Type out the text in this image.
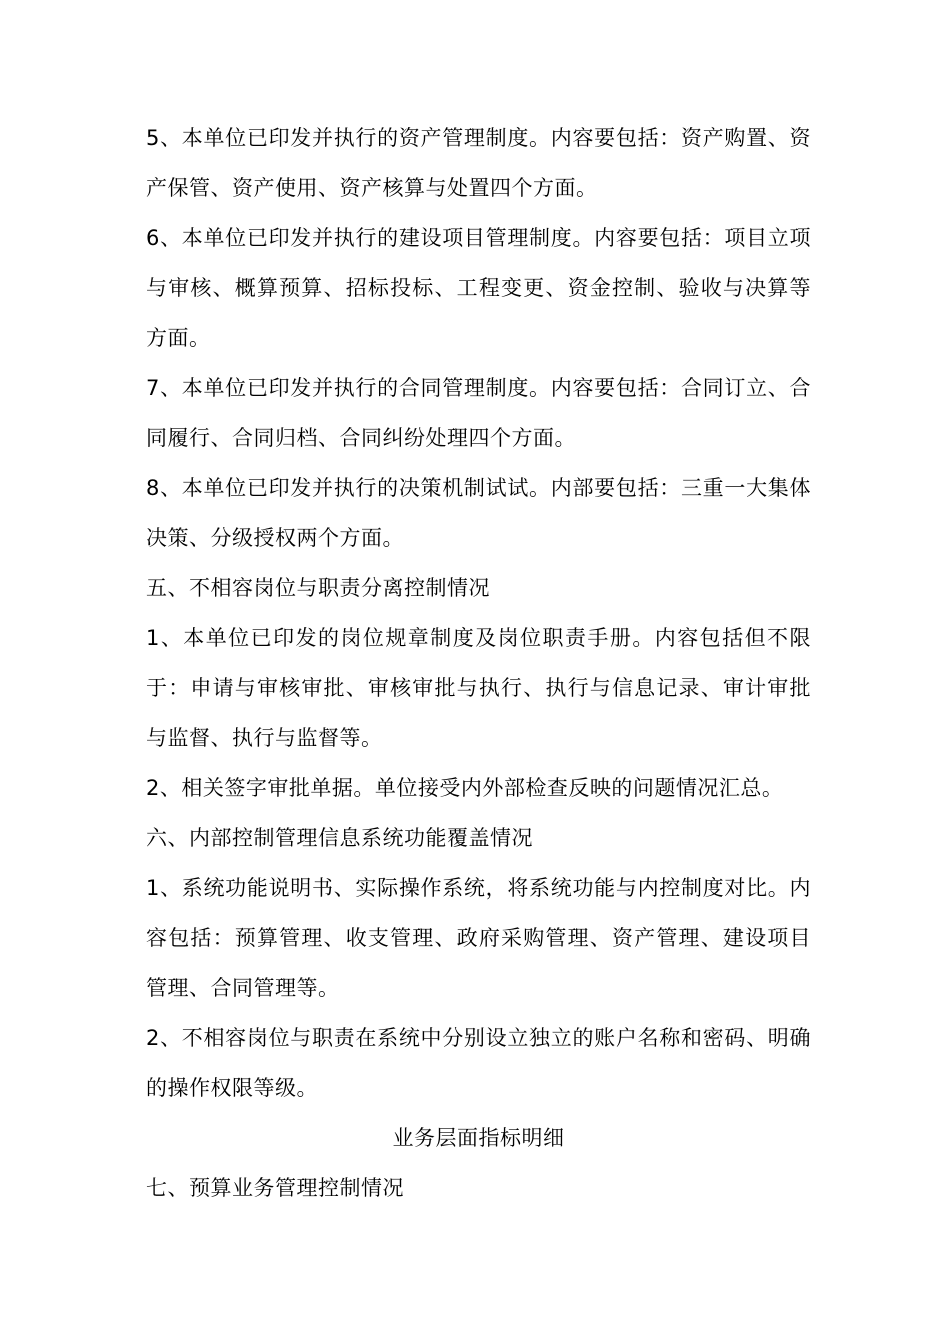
5、本单位已印发并执行的资产管理制度。内容要包括：资产购置、资产保管、资产使用、资产核算与处置四个方面。

6、本单位已印发并执行的建设项目管理制度。内容要包括：项目立项与审核、概算预算、招标投标、工程变更、资金控制、验收与决算等方面。

7、本单位已印发并执行的合同管理制度。内容要包括：合同订立、合同履行、合同归档、合同纠纷处理四个方面。

8、本单位已印发并执行的决策机制试试。内部要包括：三重一大集体决策、分级授权两个方面。

五、不相容岗位与职责分离控制情况

1、本单位已印发的岗位规章制度及岗位职责手册。内容包括但不限于：申请与审核审批、审核审批与执行、执行与信息记录、审计审批与监督、执行与监督等。

2、相关签字审批单据。单位接受内外部检查反映的问题情况汇总。

六、内部控制管理信息系统功能覆盖情况

1、系统功能说明书、实际操作系统，将系统功能与内控制度对比。内容包括：预算管理、收支管理、政府采购管理、资产管理、建设项目管理、合同管理等。

2、不相容岗位与职责在系统中分别设立独立的账户名称和密码、明确的操作权限等级。

业务层面指标明细

七、预算业务管理控制情况
